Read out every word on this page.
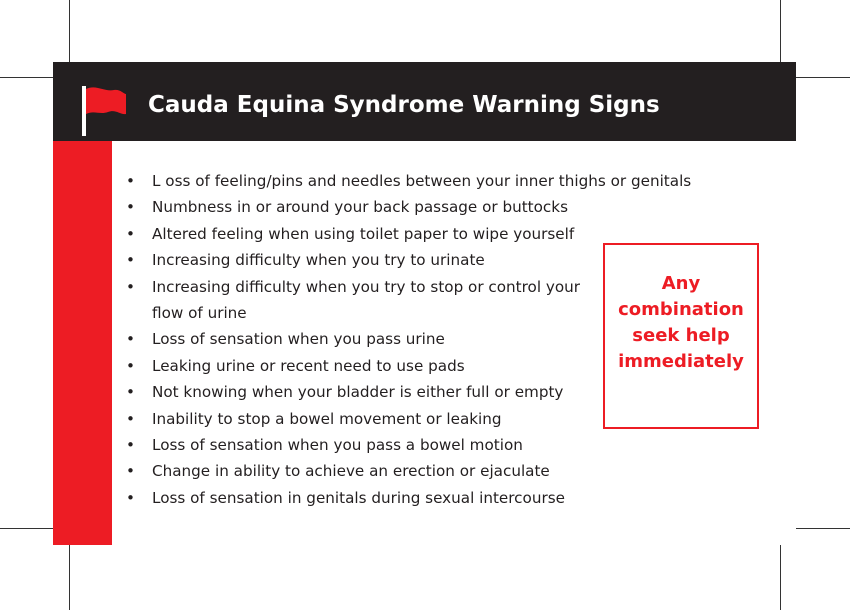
Cauda Equina Syndrome Warning Signs
• L oss of feeling/pins and needles between your inner thighs or genitals
• Numbness in or around your back passage or buttocks
• Altered feeling when using toilet paper to wipe yourself
• Increasing difficulty when you try to urinate
• Increasing difficulty when you try to stop or control your flow of urine
• Loss of sensation when you pass urine
• Leaking urine or recent need to use pads
• Not knowing when your bladder is either full or empty
• Inability to stop a bowel movement or leaking
• Loss of sensation when you pass a bowel motion
• Change in ability to achieve an erection or ejaculate
• Loss of sensation in genitals during sexual intercourse
Any
combination
seek help
immediately
